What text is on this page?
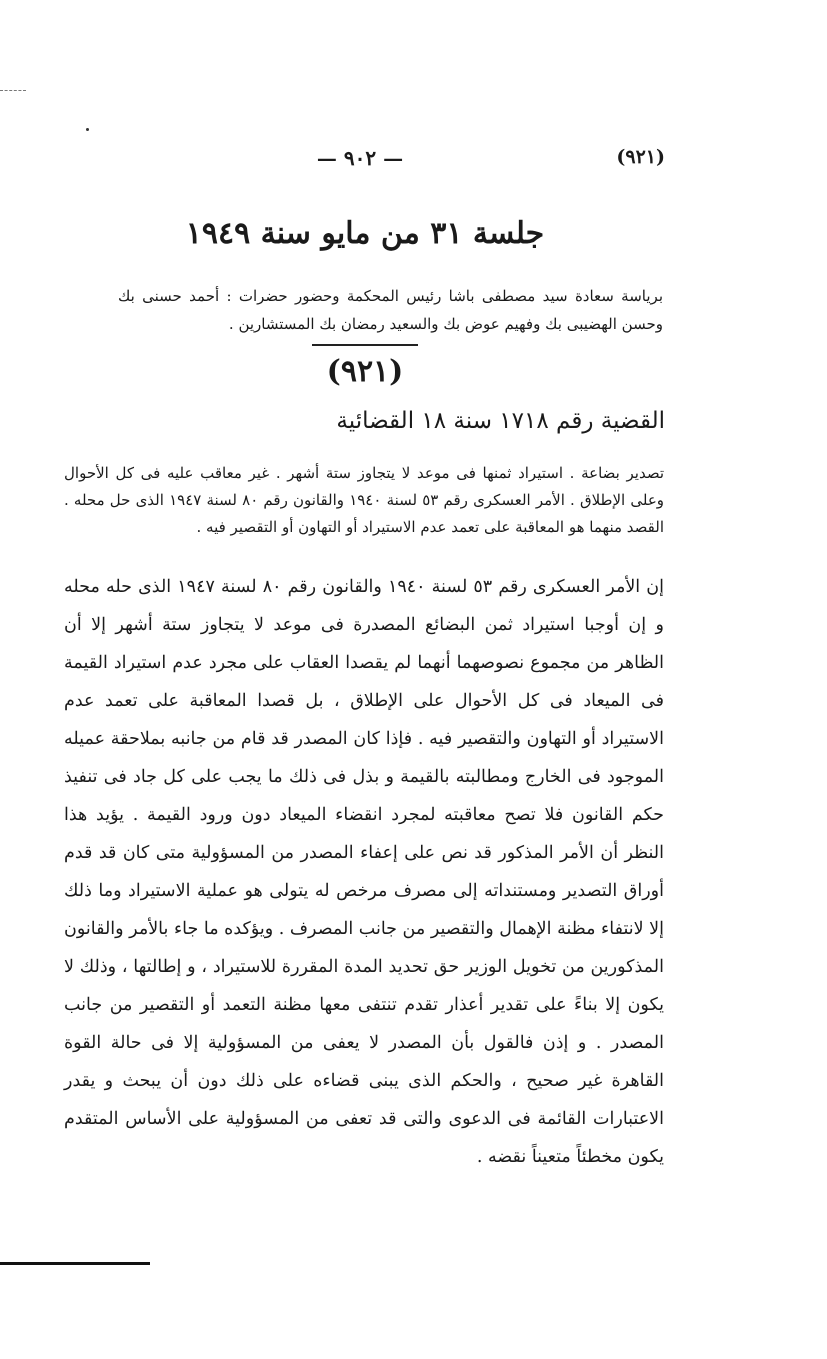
— ٩٠٢ —	(٩٢١)
جلسة ٣١ من مايو سنة ١٩٤٩
برياسة سعادة سيد مصطفى باشا رئيس المحكمة وحضور حضرات : أحمد حسنى بك وحسن الهضيبى بك وفهيم عوض بك والسعيد رمضان بك المستشارين .
(٩٢١)
القضية رقم ١٧١٨ سنة ١٨ القضائية
تصدير بضاعة . استيراد ثمنها فى موعد لا يتجاوز ستة أشهر . غير معاقب عليه فى كل الأحوال وعلى الإطلاق . الأمر العسكرى رقم ٥٣ لسنة ١٩٤٠ والقانون رقم ٨٠ لسنة ١٩٤٧ الذى حل محله . القصد منهما هو المعاقبة على تعمد عدم الاستيراد أو التهاون أو التقصير فيه .
إن الأمر العسكرى رقم ٥٣ لسنة ١٩٤٠ والقانون رقم ٨٠ لسنة ١٩٤٧ الذى حله محله و إن أوجبا استيراد ثمن البضائع المصدرة فى موعد لا يتجاوز ستة أشهر إلا أن الظاهر من مجموع نصوصهما أنهما لم يقصدا العقاب على مجرد عدم استيراد القيمة فى الميعاد فى كل الأحوال على الإطلاق ، بل قصدا المعاقبة على تعمد عدم الاستيراد أو التهاون والتقصير فيه . فإذا كان المصدر قد قام من جانبه بملاحقة عميله الموجود فى الخارج ومطالبته بالقيمة و بذل فى ذلك ما يجب على كل جاد فى تنفيذ حكم القانون فلا تصح معاقبته لمجرد انقضاء الميعاد دون ورود القيمة . يؤيد هذا النظر أن الأمر المذكور قد نص على إعفاء المصدر من المسؤولية متى كان قد قدم أوراق التصدير ومستنداته إلى مصرف مرخص له يتولى هو عملية الاستيراد وما ذلك إلا لانتفاء مظنة الإهمال والتقصير من جانب المصرف . ويؤكده ما جاء بالأمر والقانون المذكورين من تخويل الوزير حق تحديد المدة المقررة للاستيراد ، و إطالتها ، وذلك لا يكون إلا بناءً على تقدير أعذار تقدم تنتفى معها مظنة التعمد أو التقصير من جانب المصدر . و إذن فالقول بأن المصدر لا يعفى من المسؤولية إلا فى حالة القوة القاهرة غير صحيح ، والحكم الذى يبنى قضاءه على ذلك دون أن يبحث و يقدر الاعتبارات القائمة فى الدعوى والتى قد تعفى من المسؤولية على الأساس المتقدم يكون مخطئاً متعيناً نقضه .
